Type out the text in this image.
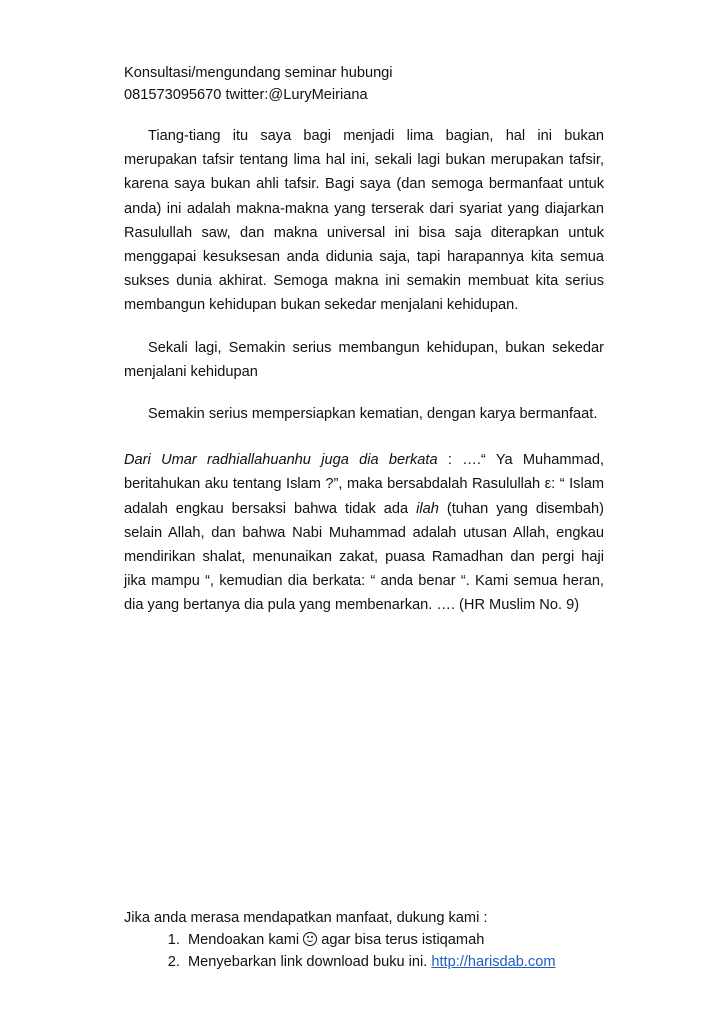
Konsultasi/mengundang seminar hubungi

081573095670 twitter:@LuryMeiriana

Tiang-tiang itu saya bagi menjadi lima bagian, hal ini bukan merupakan tafsir tentang lima hal ini, sekali lagi bukan merupakan tafsir, karena saya bukan ahli tafsir. Bagi saya (dan semoga bermanfaat untuk anda) ini adalah makna-makna yang terserak dari syariat yang diajarkan Rasulullah saw, dan makna universal ini bisa saja diterapkan untuk menggapai kesuksesan anda didunia saja, tapi harapannya kita semua sukses dunia akhirat. Semoga makna ini semakin membuat kita serius membangun kehidupan bukan sekedar menjalani kehidupan.

Sekali lagi, Semakin serius membangun kehidupan, bukan sekedar menjalani kehidupan

Semakin serius mempersiapkan kematian, dengan karya bermanfaat.

Dari Umar radhiallahuanhu juga dia berkata : ….“ Ya Muhammad, beritahukan aku tentang Islam ?”, maka bersabdalah Rasulullah ε: “ Islam adalah engkau bersaksi bahwa tidak ada ilah (tuhan yang disembah) selain Allah, dan bahwa Nabi Muhammad adalah utusan Allah, engkau mendirikan shalat, menunaikan zakat, puasa Ramadhan dan pergi haji jika mampu “, kemudian dia berkata: “ anda benar “. Kami semua heran, dia yang bertanya dia pula yang membenarkan. …. (HR Muslim No. 9)

Jika anda merasa mendapatkan manfaat, dukung kami :

1. Mendoakan kami  agar bisa terus istiqamah
2. Menyebarkan link download buku ini. http://harisdab.com
